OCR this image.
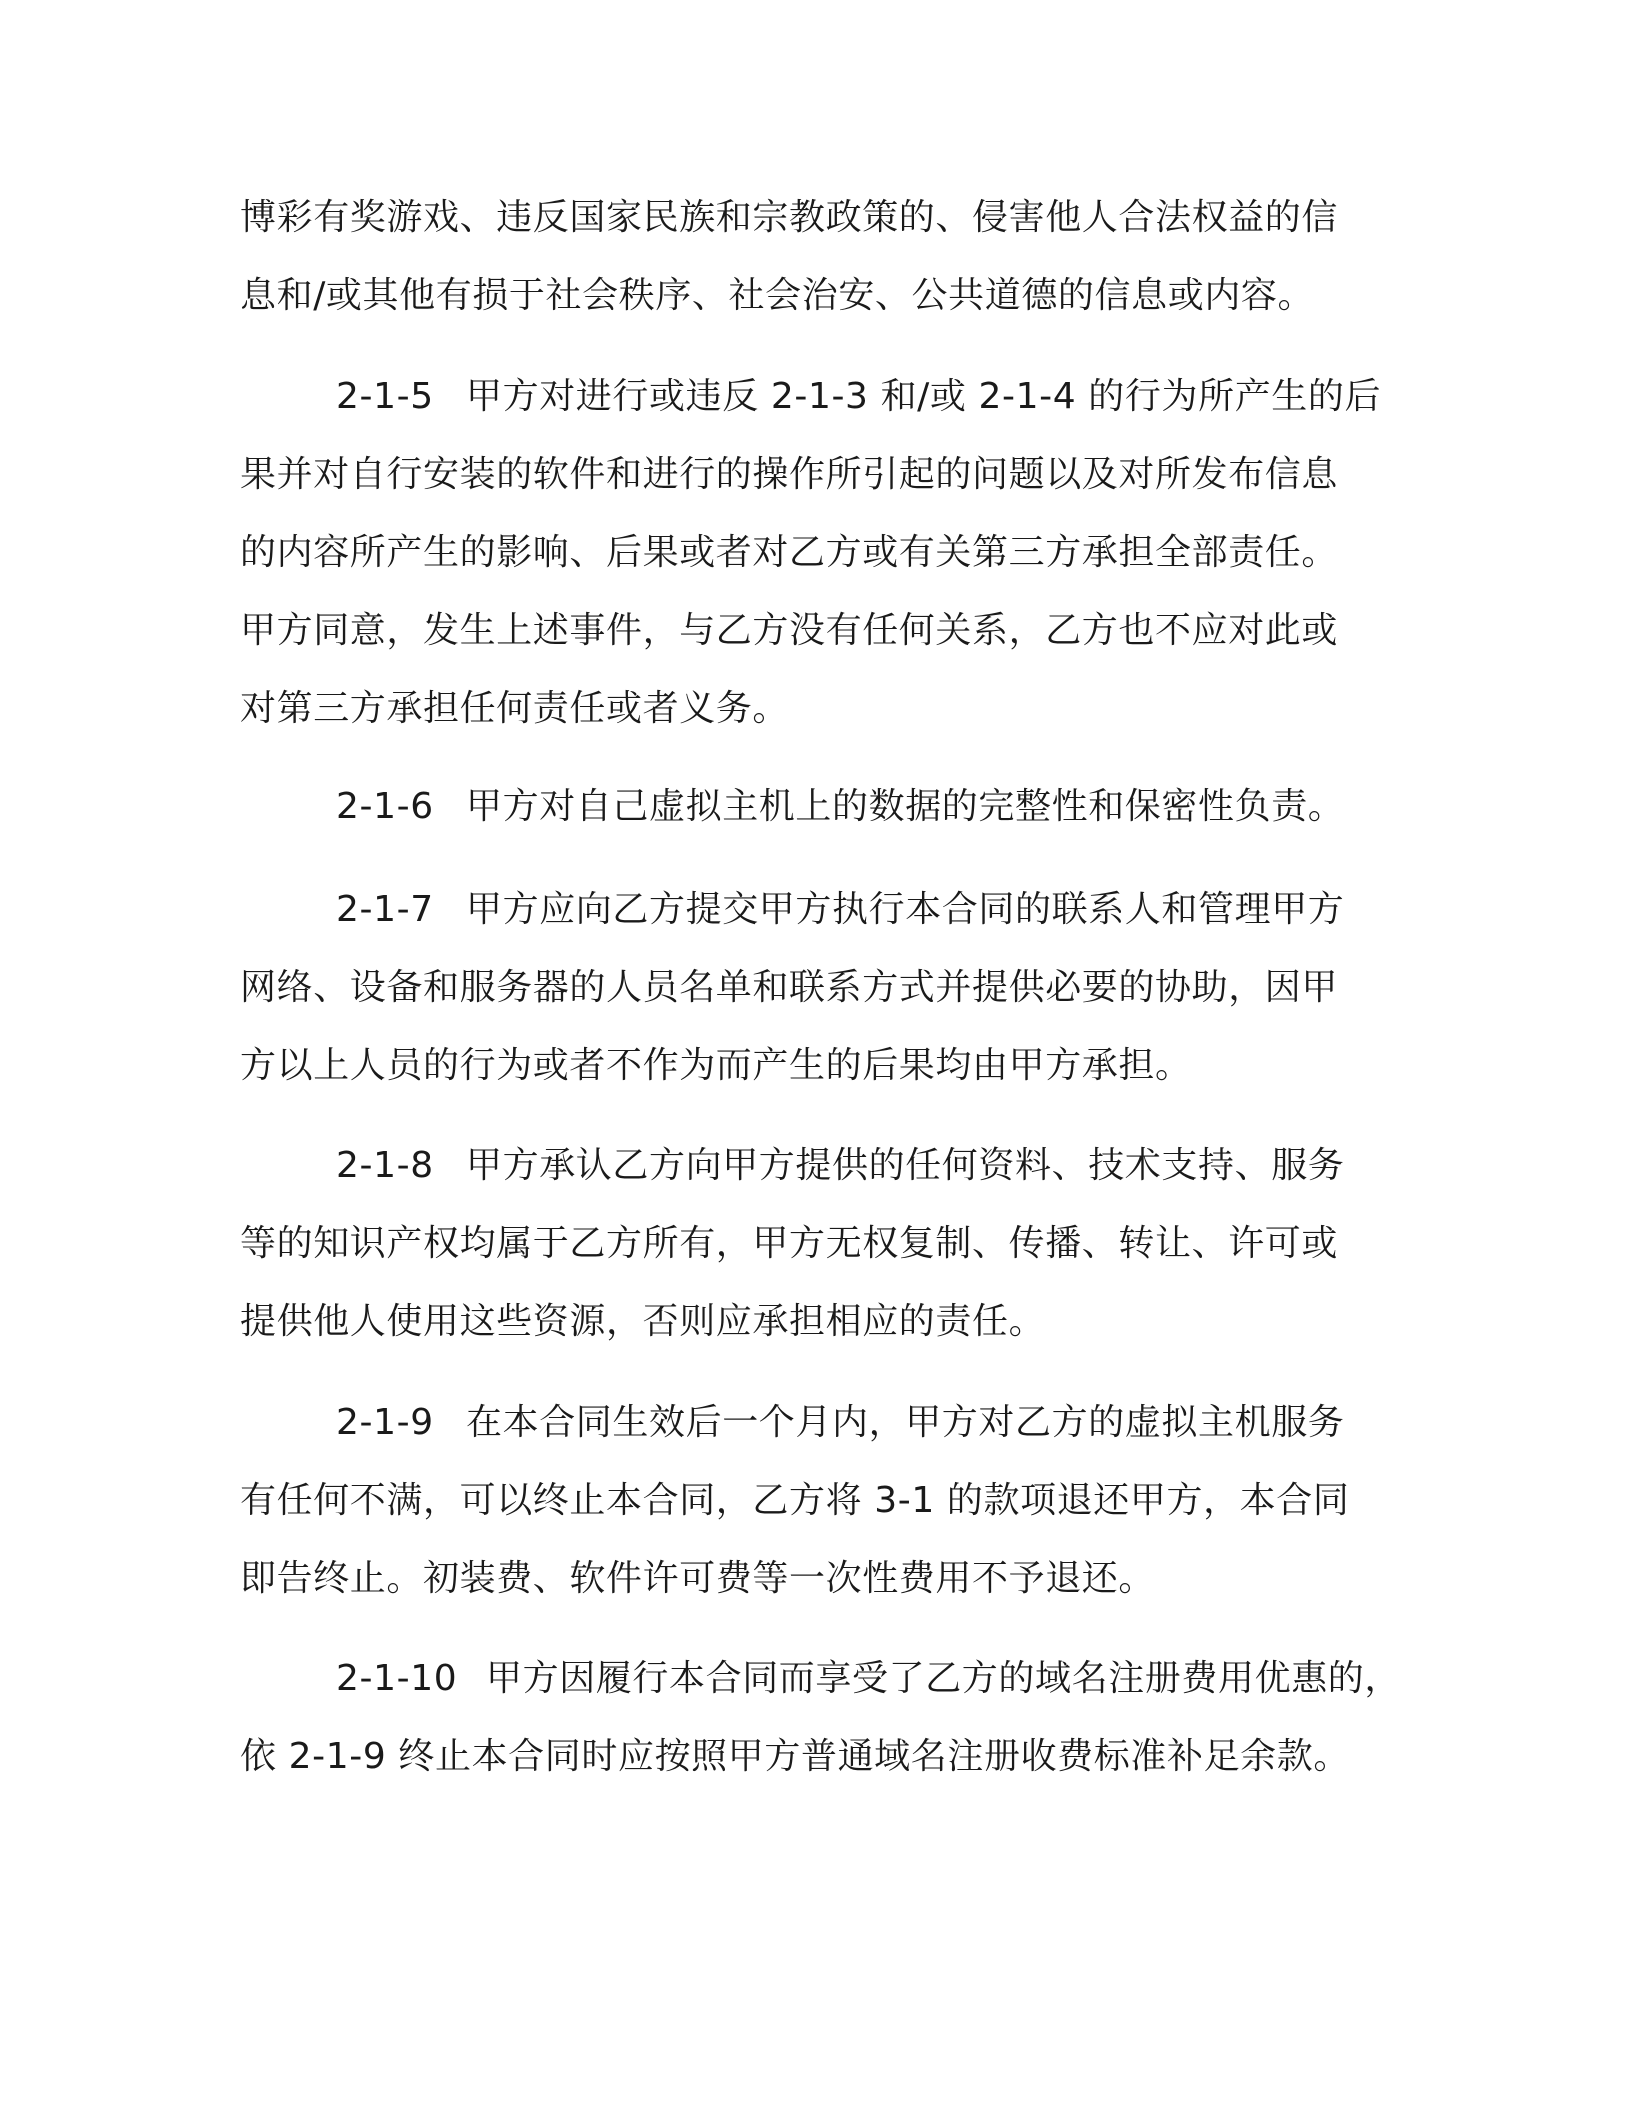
博彩有奖游戏、违反国家民族和宗教政策的、侵害他人合法权益的信
息和/或其他有损于社会秩序、社会治安、公共道德的信息或内容。
2-1-5 甲方对进行或违反 2-1-3 和/或 2-1-4 的行为所产生的后
果并对自行安装的软件和进行的操作所引起的问题以及对所发布信息
的内容所产生的影响、后果或者对乙方或有关第三方承担全部责任。
甲方同意，发生上述事件，与乙方没有任何关系，乙方也不应对此或
对第三方承担任何责任或者义务。
2-1-6 甲方对自己虚拟主机上的数据的完整性和保密性负责。
2-1-7 甲方应向乙方提交甲方执行本合同的联系人和管理甲方
网络、设备和服务器的人员名单和联系方式并提供必要的协助，因甲
方以上人员的行为或者不作为而产生的后果均由甲方承担。
2-1-8 甲方承认乙方向甲方提供的任何资料、技术支持、服务
等的知识产权均属于乙方所有，甲方无权复制、传播、转让、许可或
提供他人使用这些资源，否则应承担相应的责任。
2-1-9 在本合同生效后一个月内，甲方对乙方的虚拟主机服务
有任何不满，可以终止本合同，乙方将 3-1 的款项退还甲方，本合同
即告终止。初装费、软件许可费等一次性费用不予退还。
2-1-10 甲方因履行本合同而享受了乙方的域名注册费用优惠的，
依 2-1-9 终止本合同时应按照甲方普通域名注册收费标准补足余款。
